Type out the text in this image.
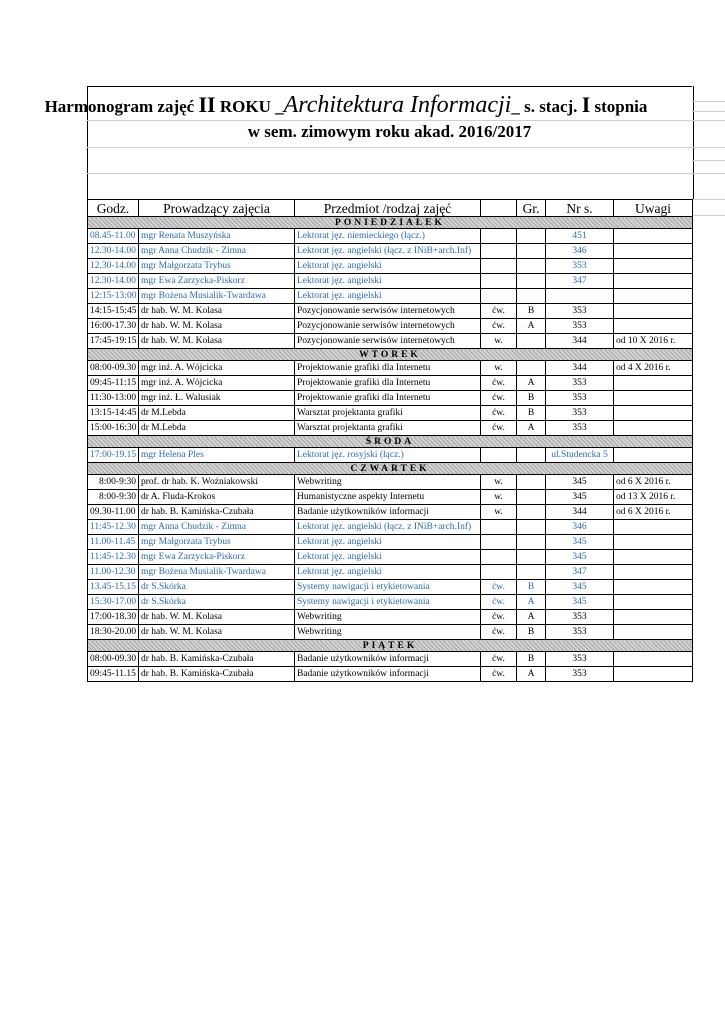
Harmonogram zajęć II ROKU _Architektura Informacji_ s. stacj. I stopnia
w sem. zimowym roku akad. 2016/2017
Godz.	Prowadzący zajęcia	Przedmiot /rodzaj zajęć		Gr.	Nr s.	Uwagi
PONIEDZIAŁEK						
08.45-11.00	mgr Renata Muszyńska	Lektorat jęz. niemieckiego (łącz.)			451	
12.30-14.00	mgr Anna Chudzik - Zimna	Lektorat jęz. angielski (łącz. z INiB+arch.Inf)			346	
12.30-14.00	mgr Małgorzata Trybus	Lektorat jęz. angielski			353	
12.30-14.00	mgr Ewa Zarzycka-Piskorz	Lektorat jęz. angielski			347	
12:15-13:00	mgr Bożena Musialik-Twardawa	Lektorat jęz. angielski				
14:15-15:45	dr hab. W. M. Kolasa	Pozycjonowanie serwisów internetowych	ćw.	B	353	
16:00-17.30	dr hab. W. M. Kolasa	Pozycjonowanie serwisów internetowych	ćw.	A	353	
17:45-19:15	dr hab. W. M. Kolasa	Pozycjonowanie serwisów internetowych	w.		344	od 10 X 2016 r.
WTOREK						
08:00-09.30	mgr inż. A. Wójcicka	Projektowanie grafiki dla Internetu	w.		344	od 4 X 2016 r.
09:45-11:15	mgr inż. A. Wójcicka	Projektowanie grafiki dla Internetu	ćw.	A	353	
11:30-13:00	mgr inż. Ł. Walusiak	Projektowanie grafiki dla Internetu	ćw.	B	353	
13:15-14:45	dr M.Lebda	Warsztat projektanta grafiki	ćw.	B	353	
15:00-16:30	dr M.Lebda	Warsztat projektanta grafiki	ćw.	A	353	
ŚRODA						
17:00-19.15	mgr Helena Ples	Lektorat jęz. rosyjski (łącz.)			ul.Studencka 5	
CZWARTEK						
8:00-9:30	prof. dr hab. K. Woźniakowski	Webwriting	w.		345	od 6 X 2016 r.
8:00-9:30	dr A. Fluda-Krokos	Humanistyczne aspekty Internetu	w.		345	od 13 X 2016 r.
09.30-11.00	dr hab. B. Kamińska-Czubała	Badanie użytkowników informacji	w.		344	od 6 X 2016 r.
11:45-12.30	mgr Anna Chudzik - Zimna	Lektorat jęz. angielski (łącz. z INiB+arch.Inf)			346	
11.00-11.45	mgr Małgorzata Trybus	Lektorat jęz. angielski			345	
11:45-12.30	mgr Ewa Zarzycka-Piskorz	Lektorat jęz. angielski			345	
11.00-12.30	mgr Bożena Musialik-Twardawa	Lektorat jęz. angielski			347	
13.45-15.15	dr S.Skórka	Systemy nawigacji i etykietowania	ćw.	B	345	
15:30-17.00	dr S.Skórka	Systemy nawigacji i etykietowania	ćw.	A	345	
17:00-18.30	dr hab. W. M. Kolasa	Webwriting	ćw.	A	353	
18:30-20.00	dr hab. W. M. Kolasa	Webwriting	ćw.	B	353	
PIĄTEK						
08:00-09.30	dr hab. B. Kamińska-Czubała	Badanie użytkowników informacji	ćw.	B	353	
09:45-11.15	dr hab. B. Kamińska-Czubała	Badanie użytkowników informacji	ćw.	A	353	
